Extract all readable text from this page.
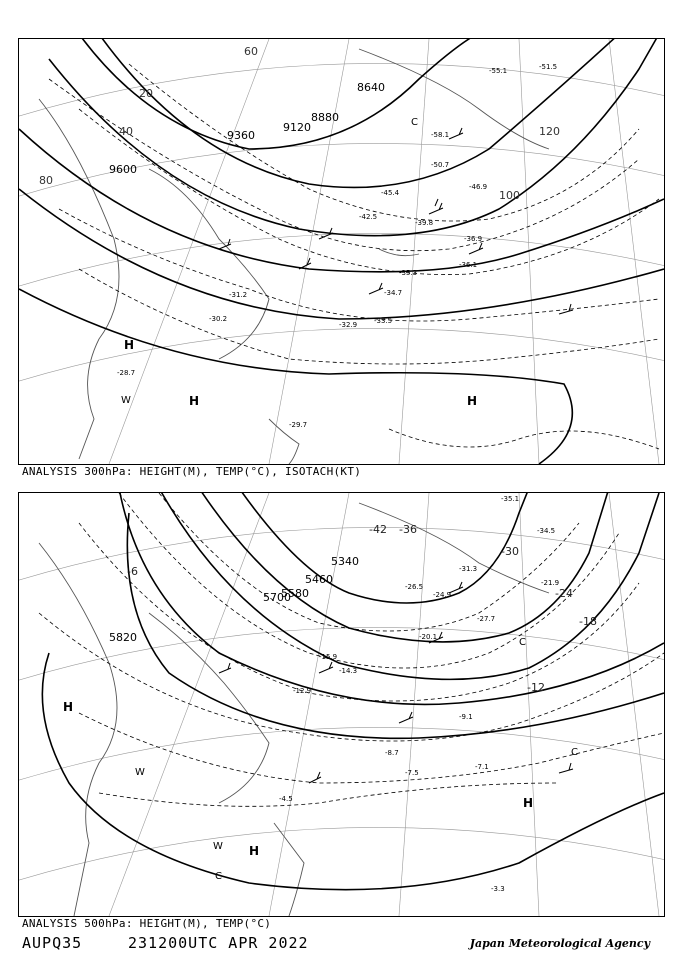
8640
8880
9120
9360
9600
20
40
60
80
100
120
-58.1
-55.1	-51.5
-50.7
-46.9
-45.4
-42.5
-39.8
-36.9
-36.1
-35.3
-34.7
-33.5
-32.9
-31.2
-30.2
-29.7
-28.7
H
H	H
W
C
ANALYSIS 300hPa: HEIGHT(M), TEMP(°C), ISOTACH(KT)
5340
5460
5580
5700
5820
-42 -36
-30
-24
-18
-12
-6
-35.1
-34.5
-31.3
-27.7
-26.5
-24.9
-21.9
-20.1
-15.9
-14.3
-12.9
-9.1
-8.7
-7.5
-7.1
-4.5
-3.3
H
H
H
W
W
C
C
C
ANALYSIS 500hPa: HEIGHT(M), TEMP(°C)
AUPQ35	231200UTC APR 2022	Japan Meteorological Agency
